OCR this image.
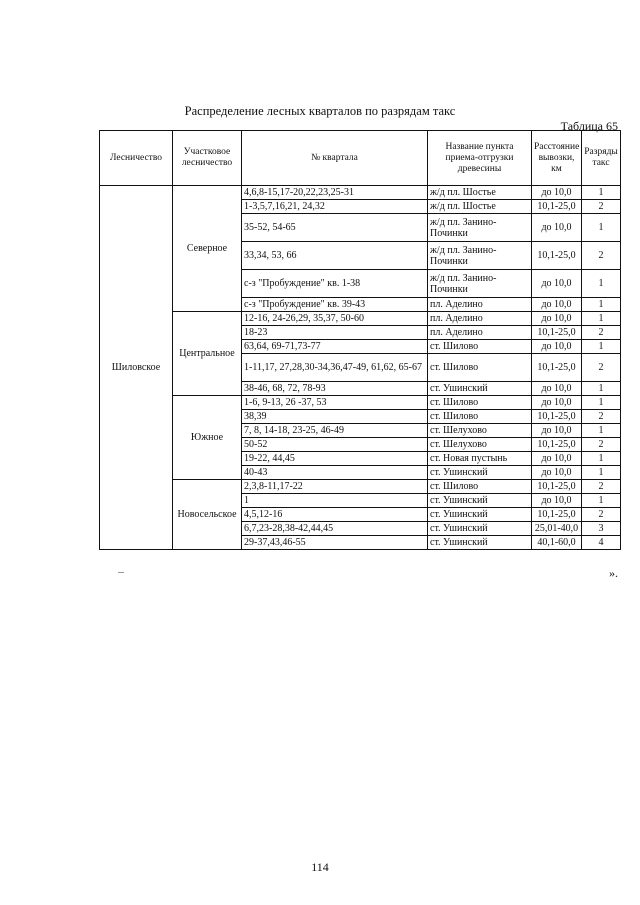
Распределение лесных кварталов по разрядам такс
Таблица 65
Лесничество	Участковое лесничество	№ квартала	Название пункта приема-отгрузки древесины	Расстояние вывозки, км	Разряды такс
Шиловское	Северное	4,6,8-15,17-20,22,23,25-31	ж/д пл. Шостье	до 10,0	1
		1-3,5,7,16,21, 24,32	ж/д пл. Шостье	10,1-25,0	2
		35-52, 54-65	ж/д пл. Занино-Починки	до 10,0	1
		33,34, 53, 66	ж/д пл. Занино-Починки	10,1-25,0	2
		с-з "Пробуждение" кв. 1-38	ж/д пл. Занино-Починки	до 10,0	1
		с-з "Пробуждение" кв. 39-43	пл. Аделино	до 10,0	1
	Центральное	12-16, 24-26,29, 35,37, 50-60	пл. Аделино	до 10,0	1
		18-23	пл. Аделино	10,1-25,0	2
		63,64, 69-71,73-77	ст. Шилово	до 10,0	1
		1-11,17, 27,28,30-34,36,47-49, 61,62, 65-67	ст. Шилово	10,1-25,0	2
		38-46, 68, 72, 78-93	ст. Ушинский	до 10,0	1
	Южное	1-6, 9-13, 26 -37, 53	ст. Шилово	до 10,0	1
		38,39	ст. Шилово	10,1-25,0	2
		7, 8, 14-18, 23-25, 46-49	ст. Шелухово	до 10,0	1
		50-52	ст. Шелухово	10,1-25,0	2
		19-22, 44,45	ст. Новая пустынь	до 10,0	1
		40-43	ст. Ушинский	до 10,0	1
	Новосельское	2,3,8-11,17-22	ст. Шилово	10,1-25,0	2
		1	ст. Ушинский	до 10,0	1
		4,5,12-16	ст. Ушинский	10,1-25,0	2
		6,7,23-28,38-42,44,45	ст. Ушинский	25,01-40,0	3
		29-37,43,46-55	ст. Ушинский	40,1-60,0	4
».
114
